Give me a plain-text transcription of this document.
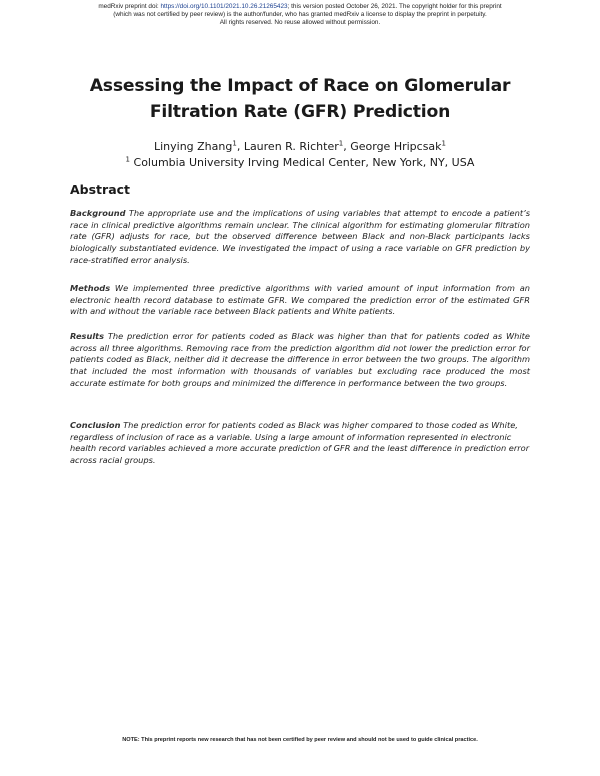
medRxiv preprint doi: https://doi.org/10.1101/2021.10.26.21265423; this version posted October 26, 2021. The copyright holder for this preprint
(which was not certified by peer review) is the author/funder, who has granted medRxiv a license to display the preprint in perpetuity.
All rights reserved. No reuse allowed without permission.
Assessing the Impact of Race on Glomerular
Filtration Rate (GFR) Prediction
Linying Zhang$^1$, Lauren R. Richter$^1$, George Hripcsak$^1$
$^1$ Columbia University Irving Medical Center, New York, NY, USA
Abstract

Background The appropriate use and the implications of using variables that attempt to encode a patient’s race in clinical predictive algorithms remain unclear. The clinical algorithm for estimating glomerular filtration rate (GFR) adjusts for race, but the observed difference between Black and non-Black participants lacks biologically substantiated evidence. We investigated the impact of using a race variable on GFR prediction by race-stratified error analysis.

Methods We implemented three predictive algorithms with varied amount of input information from an electronic health record database to estimate GFR. We compared the prediction error of the estimated GFR with and without the variable race between Black patients and White patients.

Results The prediction error for patients coded as Black was higher than that for patients coded as White across all three algorithms. Removing race from the prediction algorithm did not lower the prediction error for patients coded as Black, neither did it decrease the difference in error between the two groups. The algorithm that included the most information with thousands of variables but excluding race produced the most accurate estimate for both groups and minimized the difference in performance between the two groups.

Conclusion The prediction error for patients coded as Black was higher compared to those coded as White, regardless of inclusion of race as a variable. Using a large amount of information represented in electronic health record variables achieved a more accurate prediction of GFR and the least difference in prediction error across racial groups.

NOTE: This preprint reports new research that has not been certified by peer review and should not be used to guide clinical practice.
